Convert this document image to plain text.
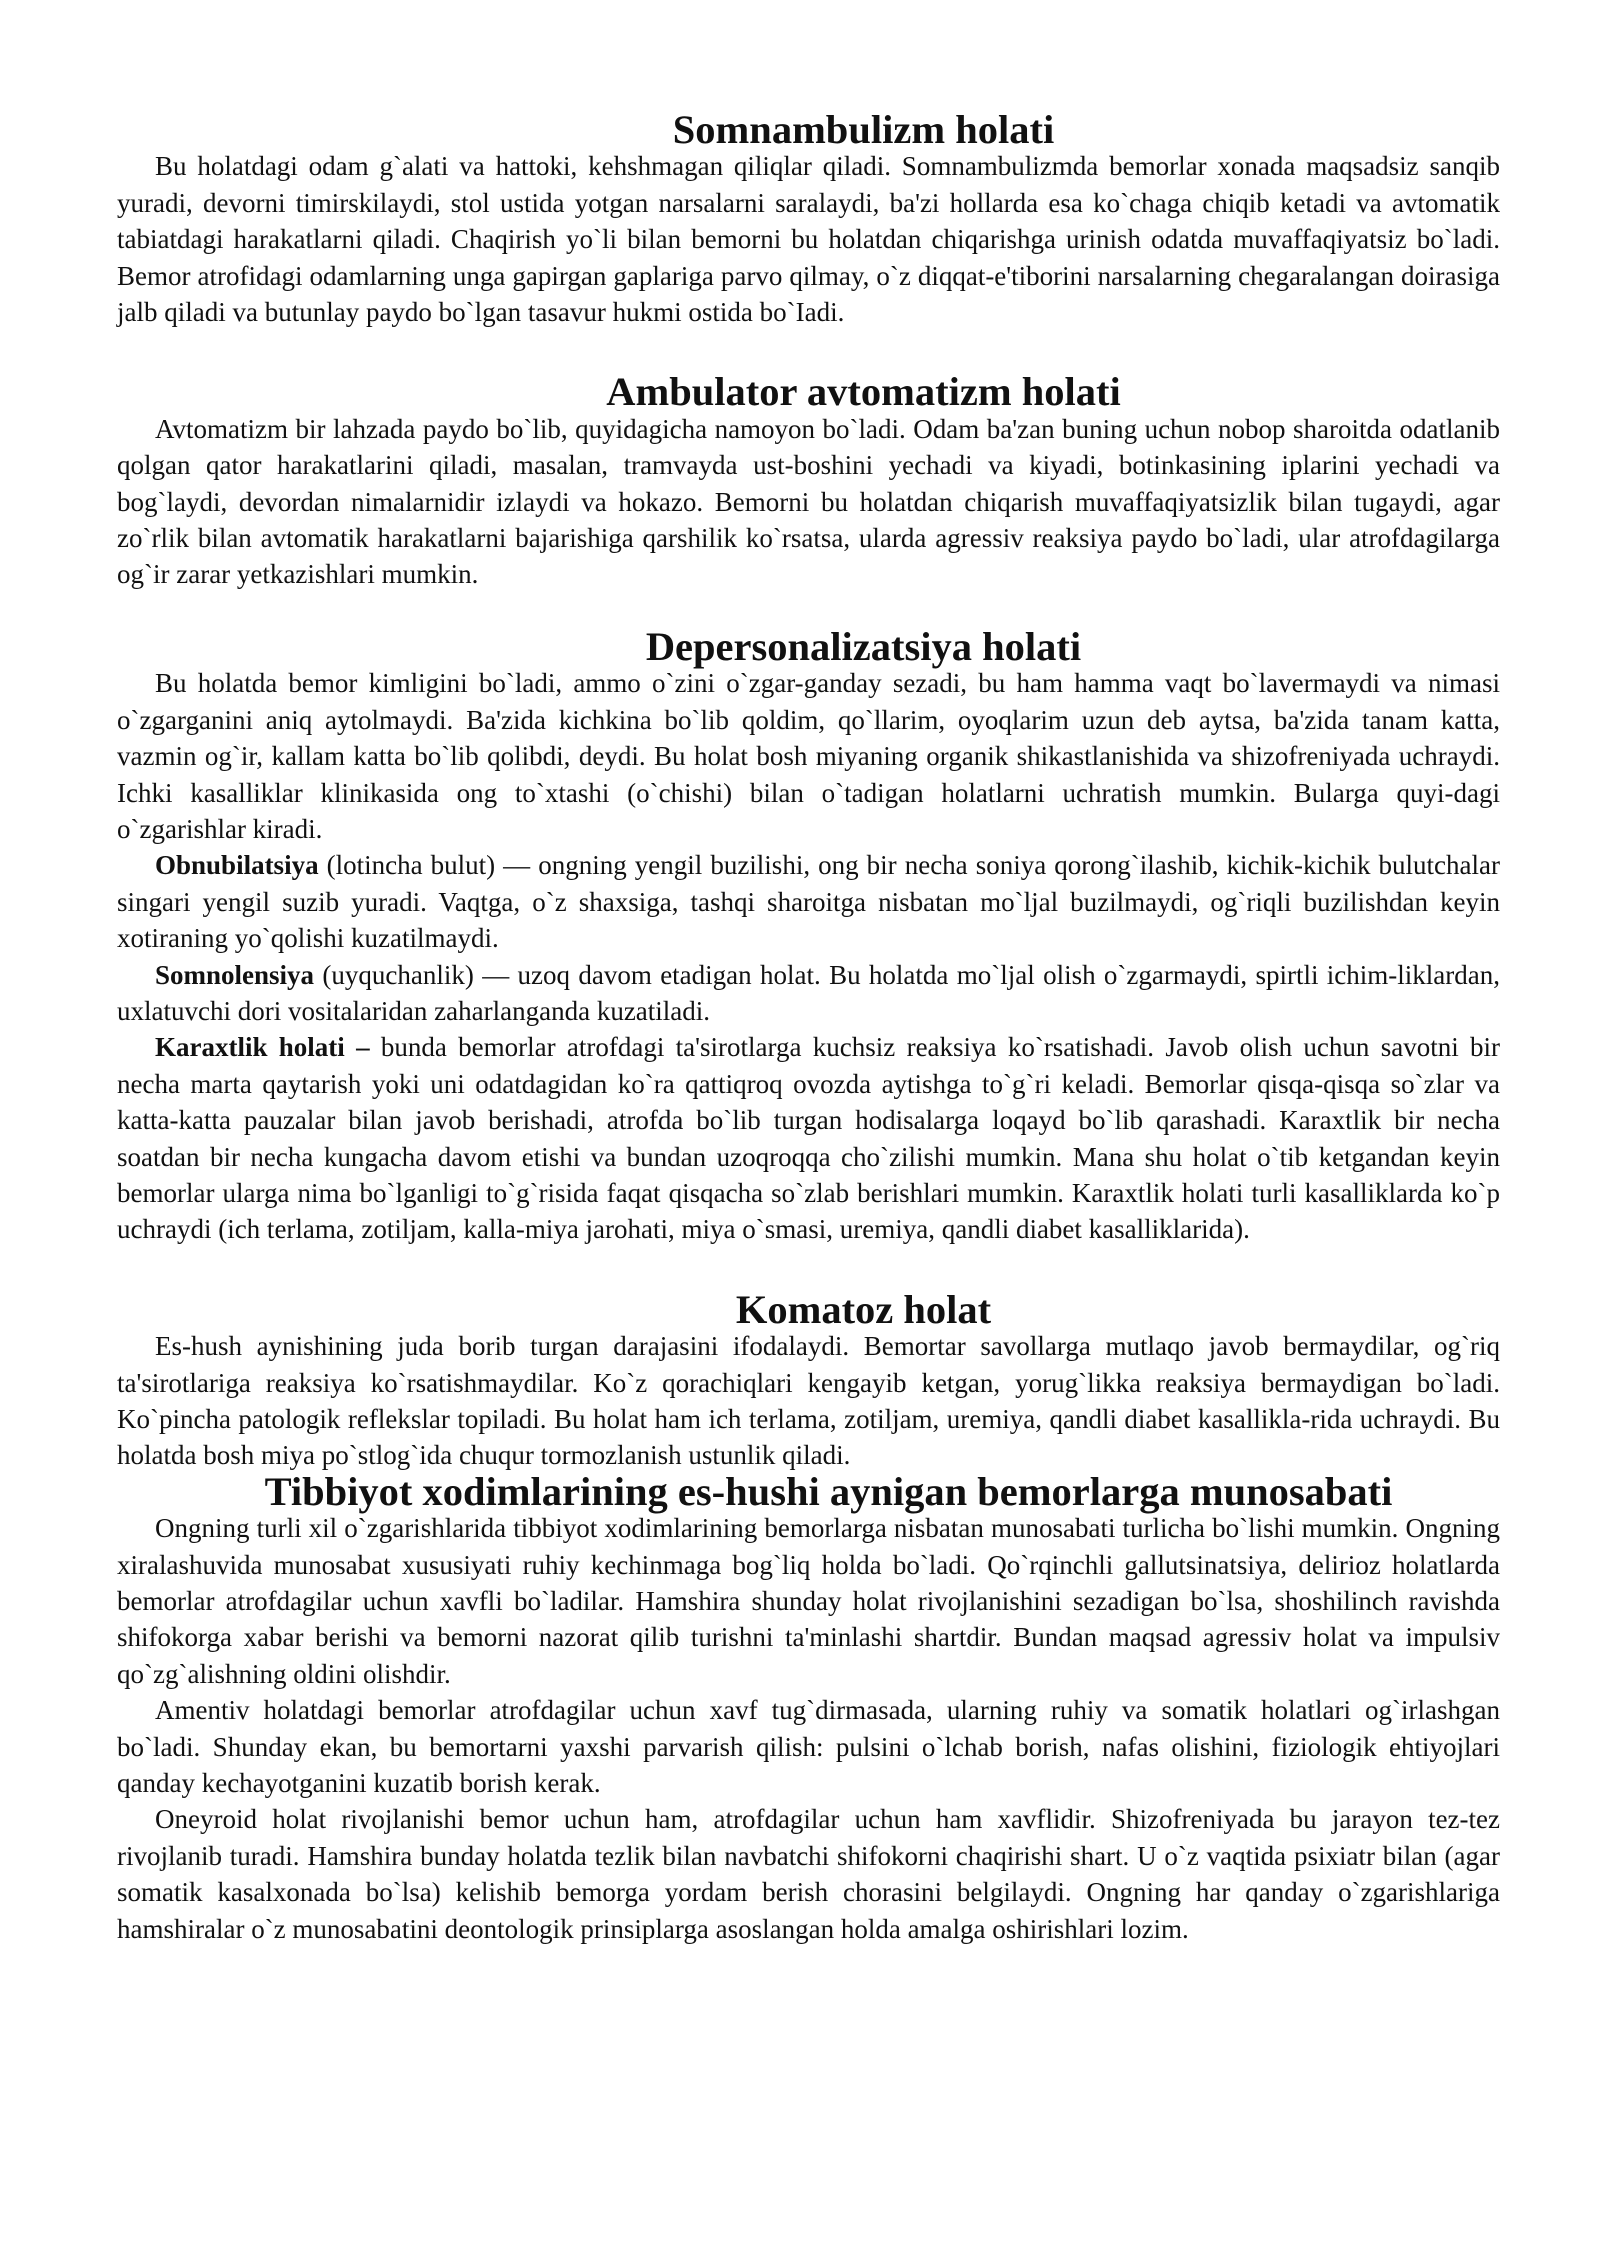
Somnambulizm holati

Bu holatdagi odam g`alati va hattoki, kehshmagan qiliqlar qiladi. Somnambulizmda bemorlar xonada maqsadsiz sanqib yuradi, devorni timirskilaydi, stol ustida yotgan narsalarni saralaydi, ba'zi hollarda esa ko`chaga chiqib ketadi va avtomatik tabiatdagi harakatlarni qiladi. Chaqirish yo`li bilan bemorni bu holatdan chiqarishga urinish odatda muvaffaqiyatsiz bo`ladi. Bemor atrofidagi odamlarning unga gapirgan gaplariga parvo qilmay, o`z diqqat-e'tiborini narsalarning chegaralangan doirasiga jalb qiladi va butunlay paydo bo`lgan tasavur hukmi ostida bo`Iadi.

Ambulator avtomatizm holati

Avtomatizm bir lahzada paydo bo`lib, quyidagicha namoyon bo`ladi. Odam ba'zan buning uchun nobop sharoitda odatlanib qolgan qator harakatlarini qiladi, masalan, tramvayda ust-boshini yechadi va kiyadi, botinkasining iplarini yechadi va bog`laydi, devordan nimalarnidir izlaydi va hokazo. Bemorni bu holatdan chiqarish muvaffaqiyatsizlik bilan tugaydi, agar zo`rlik bilan avtomatik harakatlarni bajarishiga qarshilik ko`rsatsa, ularda agressiv reaksiya paydo bo`ladi, ular atrofdagilarga og`ir zarar yetkazishlari mumkin.

Depersonalizatsiya holati

Bu holatda bemor kimligini bo`ladi, ammo o`zini o`zgar-ganday sezadi, bu ham hamma vaqt bo`lavermaydi va nimasi o`zgarganini aniq aytolmaydi. Ba'zida kichkina bo`lib qoldim, qo`llarim, oyoqlarim uzun deb aytsa, ba'zida tanam katta, vazmin og`ir, kallam katta bo`lib qolibdi, deydi. Bu holat bosh miyaning organik shikastlanishida va shizofreniyada uchraydi. Ichki kasalliklar klinikasida ong to`xtashi (o`chishi) bilan o`tadigan holatlarni uchratish mumkin. Bularga quyi-dagi o`zgarishlar kiradi.

Obnubilatsiya (lotincha bulut) — ongning yengil buzilishi, ong bir necha soniya qorong`ilashib, kichik-kichik bulutchalar singari yengil suzib yuradi. Vaqtga, o`z shaxsiga, tashqi sharoitga nisbatan mo`ljal buzilmaydi, og`riqli buzilishdan keyin xotiraning yo`qolishi kuzatilmaydi.

Somnolensiya (uyquchanlik) — uzoq davom etadigan holat. Bu holatda mo`ljal olish o`zgarmaydi, spirtli ichim-liklardan, uxlatuvchi dori vositalaridan zaharlanganda kuzatiladi.

Karaxtlik holati – bunda bemorlar atrofdagi ta'sirotlarga kuchsiz reaksiya ko`rsatishadi. Javob olish uchun savotni bir necha marta qaytarish yoki uni odatdagidan ko`ra qattiqroq ovozda aytishga to`g`ri keladi. Bemorlar qisqa-qisqa so`zlar va katta-katta pauzalar bilan javob berishadi, atrofda bo`lib turgan hodisalarga loqayd bo`lib qarashadi. Karaxtlik bir necha soatdan bir necha kungacha davom etishi va bundan uzoqroqqa cho`zilishi mumkin. Mana shu holat o`tib ketgandan keyin bemorlar ularga nima bo`lganligi to`g`risida faqat qisqacha so`zlab berishlari mumkin. Karaxtlik holati turli kasalliklarda ko`p uchraydi (ich terlama, zotiljam, kalla-miya jarohati, miya o`smasi, uremiya, qandli diabet kasalliklarida).

Komatoz holat

Es-hush aynishining juda borib turgan darajasini ifodalaydi. Bemortar savollarga mutlaqo javob bermaydilar, og`riq ta'sirotlariga reaksiya ko`rsatishmaydilar. Ko`z qorachiqlari kengayib ketgan, yorug`likka reaksiya bermaydigan bo`ladi. Ko`pincha patologik reflekslar topiladi. Bu holat ham ich terlama, zotiljam, uremiya, qandli diabet kasallikla-rida uchraydi. Bu holatda bosh miya po`stlog`ida chuqur tormozlanish ustunlik qiladi.

Tibbiyot xodimlarining es-hushi aynigan bemorlarga munosabati

Ongning turli xil o`zgarishlarida tibbiyot xodimlarining bemorlarga nisbatan munosabati turlicha bo`lishi mumkin. Ongning xiralashuvida munosabat xususiyati ruhiy kechinmaga bog`liq holda bo`ladi. Qo`rqinchli gallutsinatsiya, delirioz holatlarda bemorlar atrofdagilar uchun xavfli bo`ladilar. Hamshira shunday holat rivojlanishini sezadigan bo`lsa, shoshilinch ravishda shifokorga xabar berishi va bemorni nazorat qilib turishni ta'minlashi shartdir. Bundan maqsad agressiv holat va impulsiv qo`zg`alishning oldini olishdir.

Amentiv holatdagi bemorlar atrofdagilar uchun xavf tug`dirmasada, ularning ruhiy va somatik holatlari og`irlashgan bo`ladi. Shunday ekan, bu bemortarni yaxshi parvarish qilish: pulsini o`lchab borish, nafas olishini, fiziologik ehtiyojlari qanday kechayotganini kuzatib borish kerak.

Oneyroid holat rivojlanishi bemor uchun ham, atrofdagilar uchun ham xavflidir. Shizofreniyada bu jarayon tez-tez rivojlanib turadi. Hamshira bunday holatda tezlik bilan navbatchi shifokorni chaqirishi shart. U o`z vaqtida psixiatr bilan (agar somatik kasalxonada bo`lsa) kelishib bemorga yordam berish chorasini belgilaydi. Ongning har qanday o`zgarishlariga hamshiralar o`z munosabatini deontologik prinsiplarga asoslangan holda amalga oshirishlari lozim.
